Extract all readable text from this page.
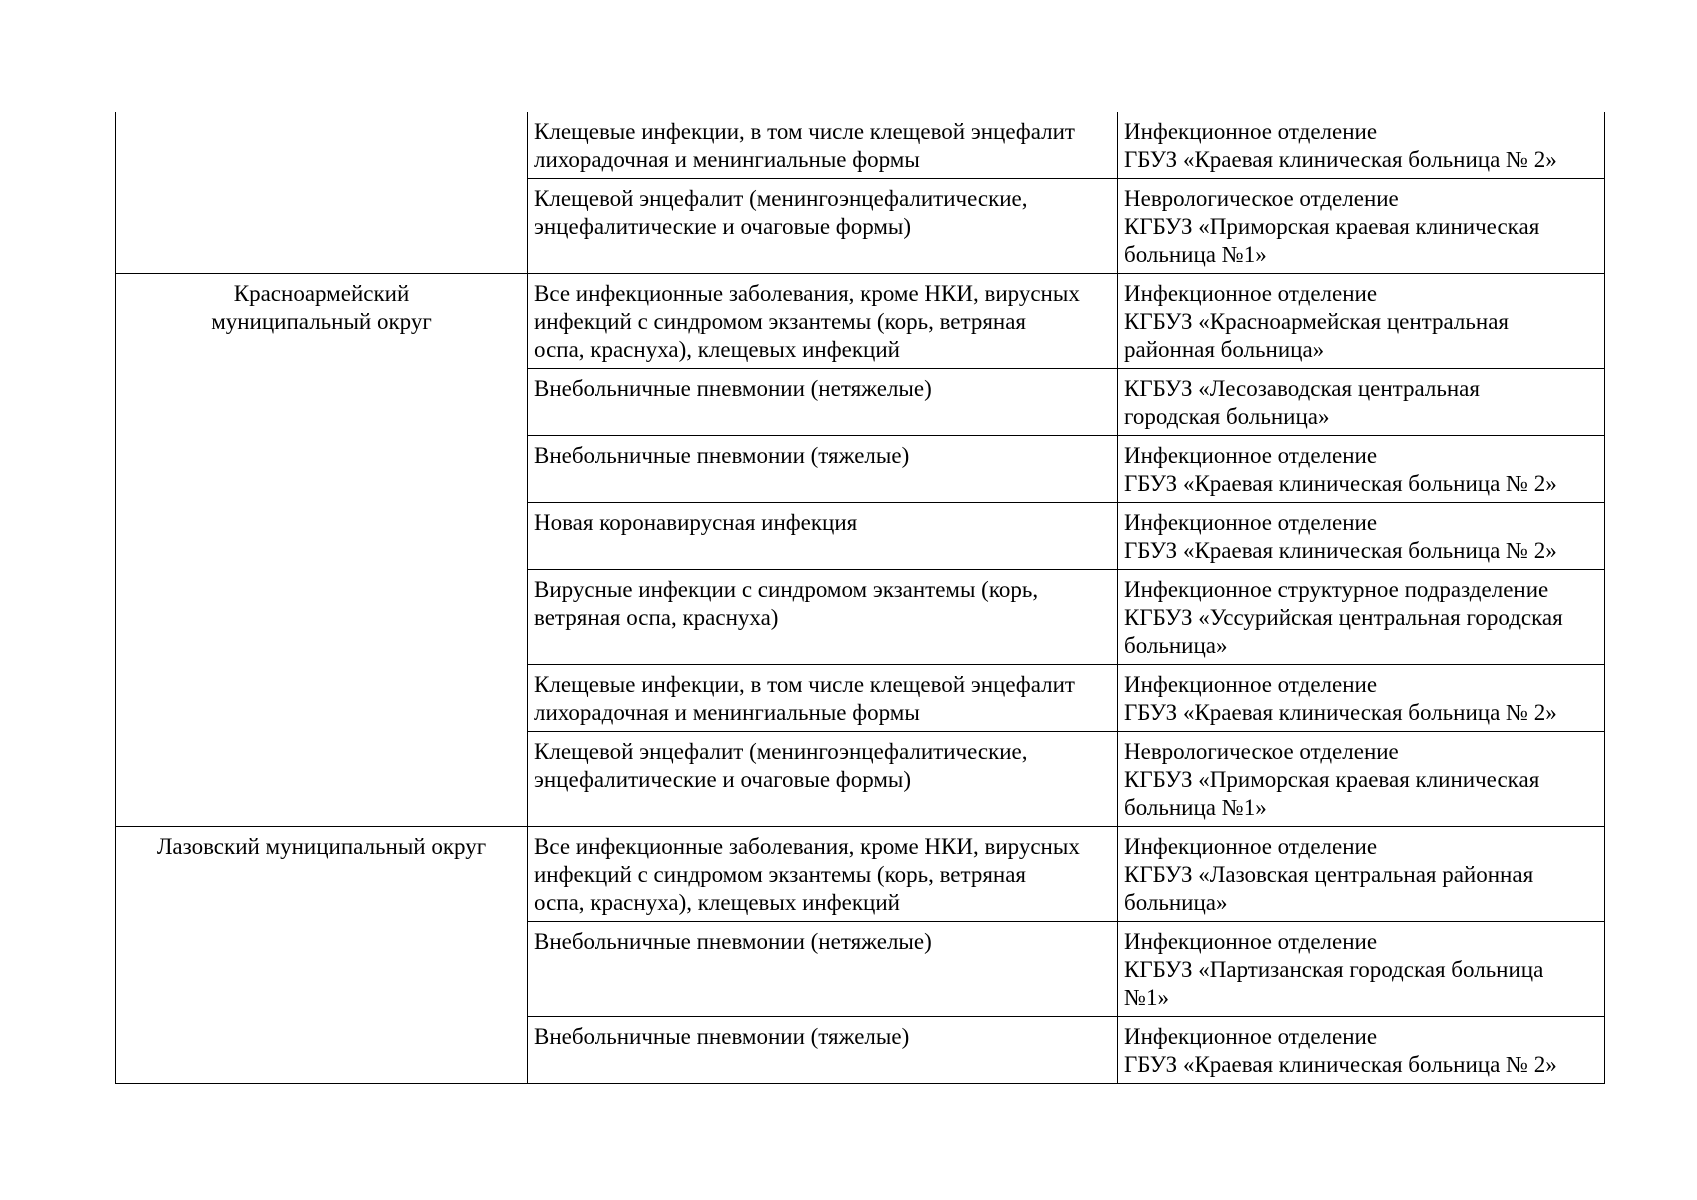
	Клещевые инфекции, в том числе клещевой энцефалит
лихорадочная и менингиальные формы	Инфекционное отделение
ГБУЗ «Краевая клиническая больница № 2»

	Клещевой энцефалит (менингоэнцефалитические,
энцефалитические и очаговые формы)	Неврологическое отделение
КГБУЗ «Приморская краевая клиническая
больница №1»

Красноармейский
муниципальный округ	Все инфекционные заболевания, кроме НКИ, вирусных
инфекций с синдромом экзантемы (корь, ветряная
оспа, краснуха), клещевых инфекций	Инфекционное отделение
КГБУЗ «Красноармейская центральная
районная больница»

	Внебольничные пневмонии (нетяжелые)	КГБУЗ «Лесозаводская центральная
городская больница»

	Внебольничные пневмонии (тяжелые)	Инфекционное отделение
ГБУЗ «Краевая клиническая больница № 2»

	Новая коронавирусная инфекция	Инфекционное отделение
ГБУЗ «Краевая клиническая больница № 2»

	Вирусные инфекции с синдромом экзантемы (корь,
ветряная оспа, краснуха)	Инфекционное структурное подразделение
КГБУЗ «Уссурийская центральная городская
больница»

	Клещевые инфекции, в том числе клещевой энцефалит
лихорадочная и менингиальные формы	Инфекционное отделение
ГБУЗ «Краевая клиническая больница № 2»

	Клещевой энцефалит (менингоэнцефалитические,
энцефалитические и очаговые формы)	Неврологическое отделение
КГБУЗ «Приморская краевая клиническая
больница №1»

Лазовский муниципальный округ	Все инфекционные заболевания, кроме НКИ, вирусных
инфекций с синдромом экзантемы (корь, ветряная
оспа, краснуха), клещевых инфекций	Инфекционное отделение
КГБУЗ «Лазовская центральная районная
больница»

	Внебольничные пневмонии (нетяжелые)	Инфекционное отделение
КГБУЗ «Партизанская городская больница
№1»

	Внебольничные пневмонии (тяжелые)	Инфекционное отделение
ГБУЗ «Краевая клиническая больница № 2»
